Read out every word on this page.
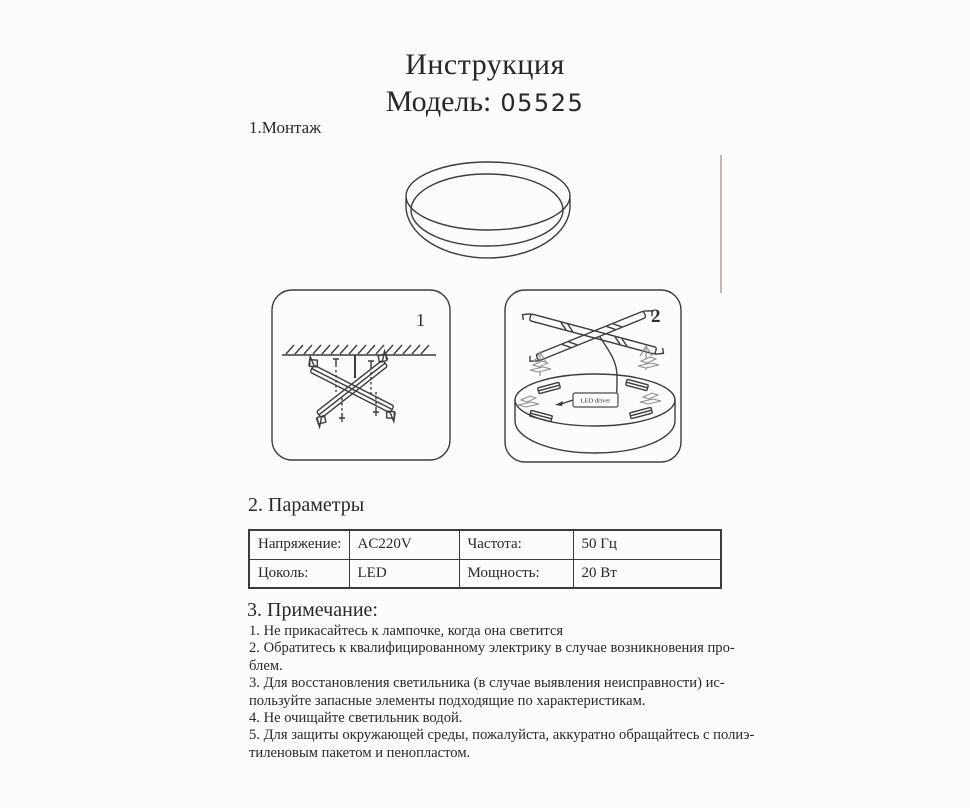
Инструкция
Модель: 05525
1.Монтаж
1	2
LED driver
2. Параметры
Напряжение:	AC220V	Частота:	50 Гц
Цоколь:	LED	Мощность:	20 Вт
3. Примечание:
1. Не прикасайтесь к лампочке, когда она светится
2. Обратитесь к квалифицированному электрику в случае возникновения про-
блем.
3. Для восстановления светильника (в случае выявления неисправности) ис-
пользуйте запасные элементы подходящие по характеристикам.
4. Не очищайте светильник водой.
5. Для защиты окружающей среды, пожалуйста, аккуратно обращайтесь с полиэ-
тиленовым пакетом и пенопластом.
